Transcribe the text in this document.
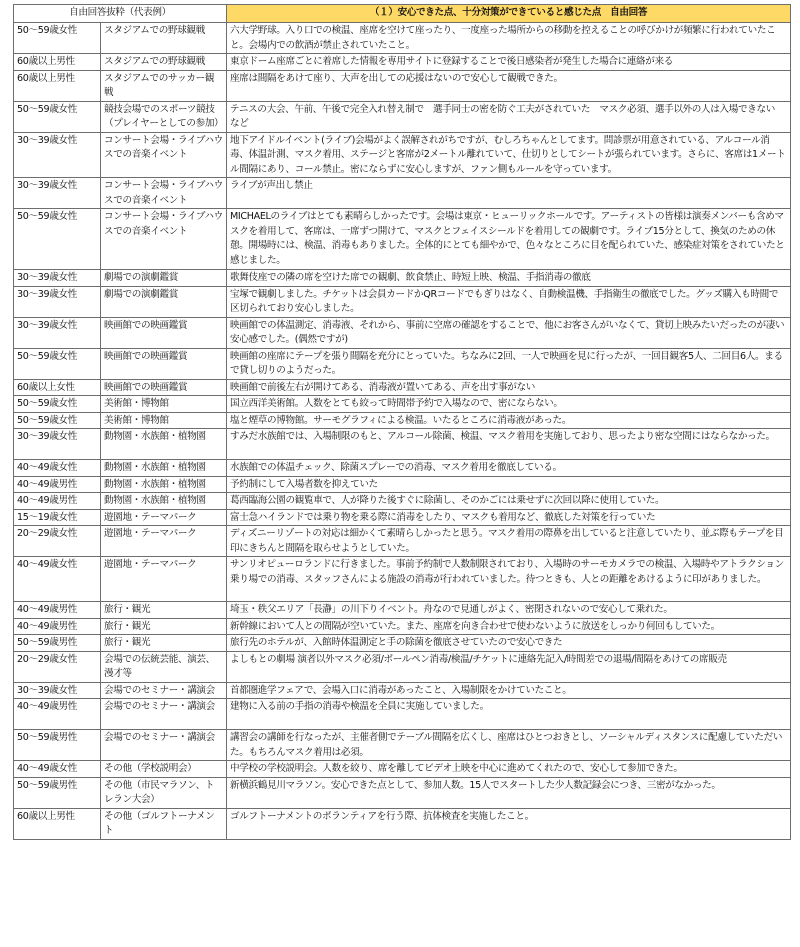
自由回答抜粋（代表例）		（１）安心できた点、十分対策ができていると感じた点　自由回答
50～59歳女性	スタジアムでの野球観戦	六大学野球。入り口での検温、座席を空けて座ったり、一度座った場所からの移動を控えることの呼びかけが頻繁に行われていたこと。会場内での飲酒が禁止されていたこと。
60歳以上男性	スタジアムでの野球観戦	東京ドーム座席ごとに着席した情報を専用サイトに登録することで後日感染者が発生した場合に連絡が来る
60歳以上男性	スタジアムでのサッカー観戦	座席は間隔をあけて座り、大声を出しての応援はないので安心して観戦できた。
50～59歳女性	競技会場でのスポーツ競技（プレイヤーとしての参加）	テニスの大会、午前、午後で完全入れ替え制で　選手同士の密を防ぐ工夫がされていた　マスク必須、選手以外の人は入場できない　など
30～39歳女性	コンサート会場・ライブハウスでの音楽イベント	地下アイドルイベント(ライブ)会場がよく誤解されがちですが、むしろちゃんとしてます。問診票が用意されている、アルコール消毒、体温計測、マスク着用、ステージと客席が2メートル離れていて、仕切りとしてシートが張られています。さらに、客席は1メートル間隔にあり、コール禁止。密にならずに安心しますが、ファン側もルールを守っています。
30～39歳女性	コンサート会場・ライブハウスでの音楽イベント	ライブが声出し禁止
50～59歳女性	コンサート会場・ライブハウスでの音楽イベント	MICHAELのライブはとても素晴らしかったです。会場は東京・ヒューリックホールです。アーティストの皆様は演奏メンバーも含めマスクを着用して、客席は、一席ずつ開けて、マスクとフェイスシールドを着用しての観劇です。ライブ15分として、換気のための休憩。開場時には、検温、消毒もありました。全体的にとても細やかで、色々なところに目を配られていた、感染症対策をされていたと感じました。
30～39歳女性	劇場での演劇鑑賞	歌舞伎座での隣の席を空けた席での観劇、飲食禁止、時短上映、検温、手指消毒の徹底
30～39歳女性	劇場での演劇鑑賞	宝塚で観劇しました。チケットは会員カードかQRコードでもぎりはなく、自動検温機、手指衛生の徹底でした。グッズ購入も時間で区切られており安心しました。
30～39歳女性	映画館での映画鑑賞	映画館での体温測定、消毒液、それから、事前に空席の確認をすることで、他にお客さんがいなくて、貸切上映みたいだったのが凄い安心感でした。(偶然ですが)
50～59歳女性	映画館での映画鑑賞	映画館の座席にテープを張り間隔を充分にとっていた。ちなみに2回、一人で映画を見に行ったが、一回目観客5人、二回目6人。まるで貸し切りのようだった。
60歳以上女性	映画館での映画鑑賞	映画館で前後左右が開けてある、消毒液が置いてある、声を出す事がない
50～59歳女性	美術館・博物館	国立西洋美術館。人数をとても絞って時間帯予約で入場なので、密にならない。
50～59歳女性	美術館・博物館	塩と煙草の博物館。サーモグラフィによる検温。いたるところに消毒液があった。
30～39歳女性	動物園・水族館・植物園	すみだ水族館では、入場制限のもと、アルコール除菌、検温、マスク着用を実施しており、思ったより密な空間にはならなかった。
40～49歳女性	動物園・水族館・植物園	水族館での体温チェック、除菌スプレーでの消毒、マスク着用を徹底している。
40～49歳男性	動物園・水族館・植物園	予約制にして入場者数を抑えていた
40～49歳男性	動物園・水族館・植物園	葛西臨海公園の観覧車で、人が降りた後すぐに除菌し、そのかごには乗せずに次回以降に使用していた。
15～19歳女性	遊園地・テーマパーク	富士急ハイランドでは乗り物を乗る際に消毒をしたり、マスクも着用など、徹底した対策を行っていた
20～29歳女性	遊園地・テーマパーク	ディズニーリゾートの対応は細かくて素晴らしかったと思う。マスク着用の際鼻を出していると注意していたり、並ぶ際もテープを目印にきちんと間隔を取らせようとしていた。
40～49歳女性	遊園地・テーマパーク	サンリオピューロランドに行きました。事前予約制で人数制限されており、入場時のサーモカメラでの検温、入場時やアトラクション乗り場での消毒、スタッフさんによる施設の消毒が行われていました。待つときも、人との距離をあけるように印がありました。
40～49歳男性	旅行・観光	埼玉・秩父エリア「長瀞」の川下りイベント。舟なので見通しがよく、密閉されないので安心して乗れた。
40～49歳男性	旅行・観光	新幹線において人との間隔が空いていた。また、座席を向き合わせで使わないように放送をしっかり何回もしていた。
50～59歳男性	旅行・観光	旅行先のホテルが、入館時体温測定と手の除菌を徹底させていたので安心できた
20～29歳女性	会場での伝統芸能、演芸、漫才等	よしもとの劇場 演者以外マスク必須/ボールペン消毒/検温/チケットに連絡先記入/時間差での退場/間隔をあけての席販売
30～39歳女性	会場でのセミナー・講演会	首都圏進学フェアで、会場入口に消毒があったこと、入場制限をかけていたこと。
40～49歳男性	会場でのセミナー・講演会	建物に入る前の手指の消毒や検温を全員に実施していました。
50～59歳男性	会場でのセミナー・講演会	講習会の講師を行なったが、主催者側でテーブル間隔を広くし、座席はひとつおきとし、ソーシャルディスタンスに配慮していただいた。もちろんマスク着用は必須。
40～49歳女性	その他（学校説明会）	中学校の学校説明会。人数を絞り、席を離してビデオ上映を中心に進めてくれたので、安心して参加できた。
50～59歳男性	その他（市民マラソン、トレラン大会）	新横浜鶴見川マラソン。安心できた点として、参加人数。15人でスタートした少人数記録会につき、三密がなかった。
60歳以上男性	その他（ゴルフトーナメント	ゴルフトーナメントのボランティアを行う際、抗体検査を実施したこと。
